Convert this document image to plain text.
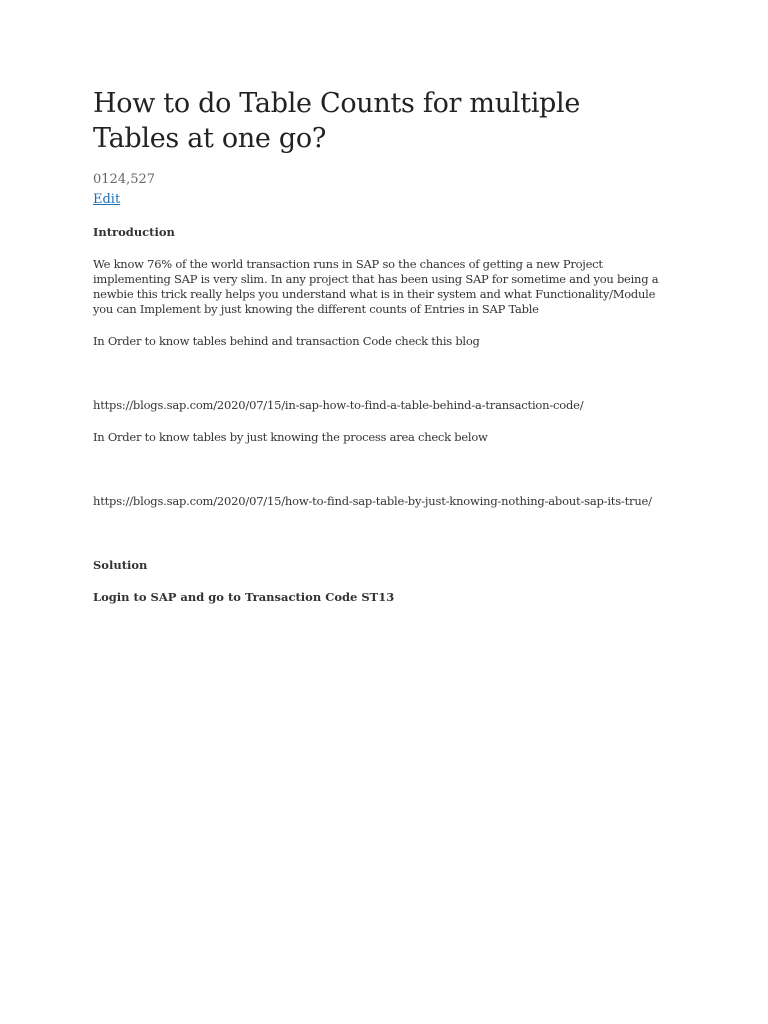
How to do Table Counts for multiple Tables at one go?
0124,527
Edit

Introduction

We know 76% of the world transaction runs in SAP so the chances of getting a new Project implementing SAP is very slim. In any project that has been using SAP for sometime and you being a newbie this trick really helps you understand what is in their system and what Functionality/Module you can Implement by just knowing the different counts of Entries in SAP Table

In Order to know tables behind and transaction Code check this blog

https://blogs.sap.com/2020/07/15/in-sap-how-to-find-a-table-behind-a-transaction-code/

In Order to know tables by just knowing the process area check below

https://blogs.sap.com/2020/07/15/how-to-find-sap-table-by-just-knowing-nothing-about-sap-its-true/

Solution

Login to SAP and go to Transaction Code ST13
